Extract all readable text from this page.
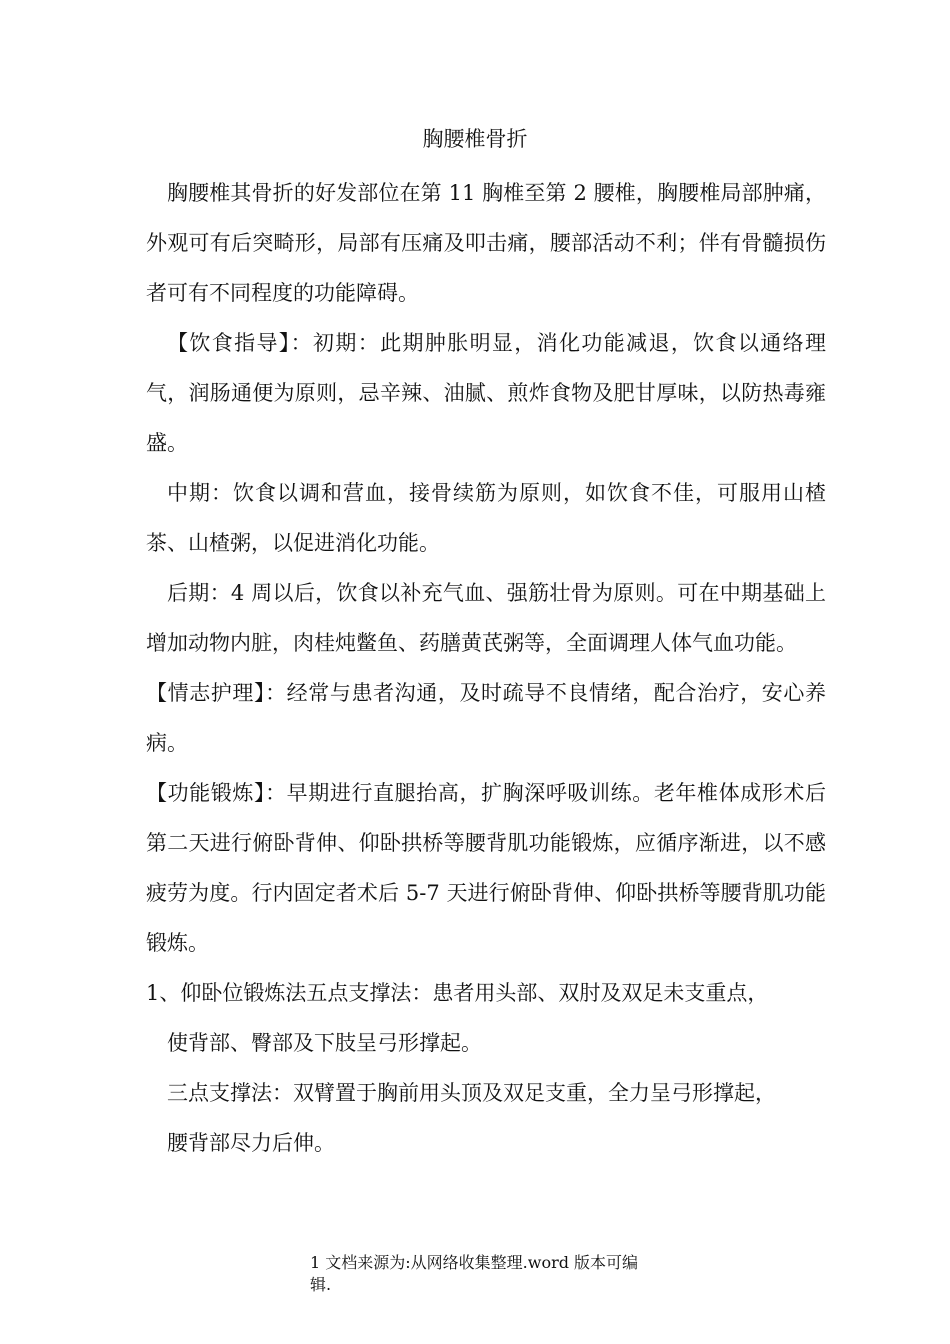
胸腰椎骨折

胸腰椎其骨折的好发部位在第 11 胸椎至第 2 腰椎，胸腰椎局部肿痛，外观可有后突畸形，局部有压痛及叩击痛，腰部活动不利；伴有骨髓损伤者可有不同程度的功能障碍。

【饮食指导】：初期：此期肿胀明显，消化功能减退，饮食以通络理气，润肠通便为原则，忌辛辣、油腻、煎炸食物及肥甘厚味，以防热毒雍盛。

中期：饮食以调和营血，接骨续筋为原则，如饮食不佳，可服用山楂茶、山楂粥，以促进消化功能。

后期：4 周以后，饮食以补充气血、强筋壮骨为原则。可在中期基础上增加动物内脏，肉桂炖鳖鱼、药膳黄芪粥等，全面调理人体气血功能。

【情志护理】：经常与患者沟通，及时疏导不良情绪，配合治疗，安心养病。

【功能锻炼】：早期进行直腿抬高，扩胸深呼吸训练。老年椎体成形术后第二天进行俯卧背伸、仰卧拱桥等腰背肌功能锻炼，应循序渐进，以不感疲劳为度。行内固定者术后 5-7 天进行俯卧背伸、仰卧拱桥等腰背肌功能锻炼。

1、仰卧位锻炼法五点支撑法：患者用头部、双肘及双足未支重点，

使背部、臀部及下肢呈弓形撑起。

三点支撑法：双臂置于胸前用头顶及双足支重，全力呈弓形撑起，

腰背部尽力后伸。

1 文档来源为:从网络收集整理.word 版本可编辑.
